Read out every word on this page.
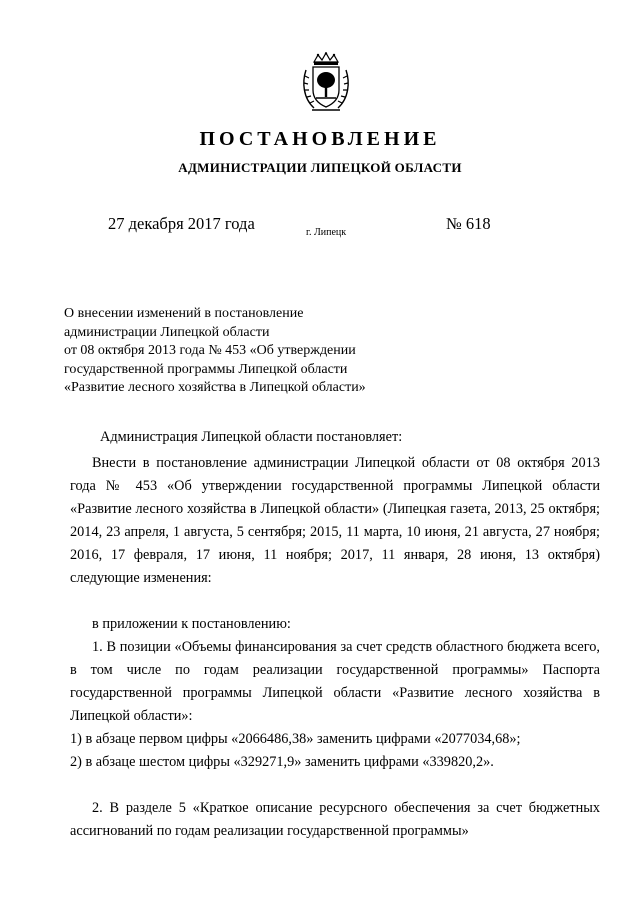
ПОСТАНОВЛЕНИЕ
АДМИНИСТРАЦИИ ЛИПЕЦКОЙ ОБЛАСТИ
27 декабря 2017 года	г. Липецк	№ 618
О внесении изменений в постановление
администрации Липецкой области
от 08 октября 2013 года № 453 «Об утверждении
государственной программы Липецкой области
«Развитие лесного хозяйства в Липецкой области»
Администрация Липецкой области постановляет:
Внести в постановление администрации Липецкой области от 08 октября 2013 года № 453 «Об утверждении государственной программы Липецкой области «Развитие лесного хозяйства в Липецкой области» (Липецкая газета, 2013, 25 октября; 2014, 23 апреля, 1 августа, 5 сентября; 2015, 11 марта, 10 июня, 21 августа, 27 ноября; 2016, 17 февраля, 17 июня, 11 ноября; 2017, 11 января, 28 июня, 13 октября) следующие изменения:
в приложении к постановлению:
1. В позиции «Объемы финансирования за счет средств областного бюджета всего, в том числе по годам реализации государственной программы» Паспорта государственной программы Липецкой области «Развитие лесного хозяйства в Липецкой области»:
1) в абзаце первом цифры «2066486,38» заменить цифрами «2077034,68»;
2) в абзаце шестом цифры «329271,9» заменить цифрами «339820,2».
2. В разделе 5 «Краткое описание ресурсного обеспечения за счет бюджетных ассигнований по годам реализации государственной программы»
